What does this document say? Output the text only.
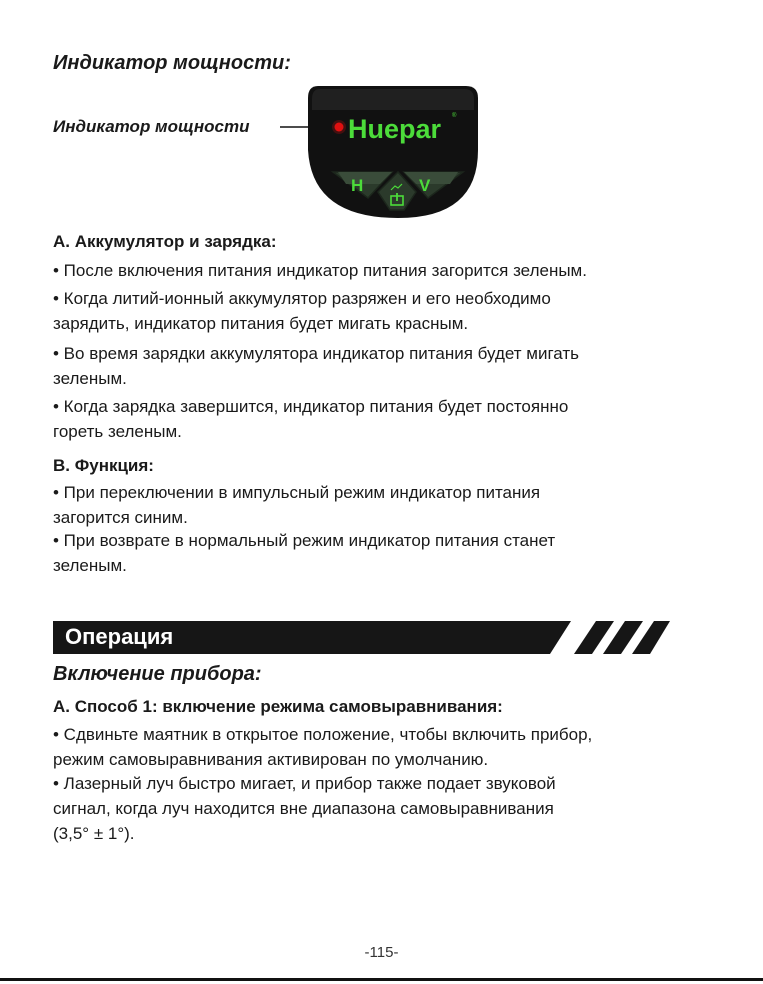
Индикатор мощности:
Индикатор мощности	Huepar ®
H	V
A. Аккумулятор и зарядка:
• После включения питания индикатор питания загорится зеленым.
• Когда литий-ионный аккумулятор разряжен и его необходимо
зарядить, индикатор питания будет мигать красным.
• Во время зарядки аккумулятора индикатор питания будет мигать
зеленым.
• Когда зарядка завершится, индикатор питания будет постоянно
гореть зеленым.
B. Функция:
• При переключении в импульсный режим индикатор питания
загорится синим.
• При возврате в нормальный режим индикатор питания станет
зеленым.
Операция
Включение прибора:
A. Способ 1: включение режима самовыравнивания:
• Сдвиньте маятник в открытое положение, чтобы включить прибор,
режим самовыравнивания активирован по умолчанию.
• Лазерный луч быстро мигает, и прибор также подает звуковой
сигнал, когда луч находится вне диапазона самовыравнивания
(3,5° ± 1°).
-115-
